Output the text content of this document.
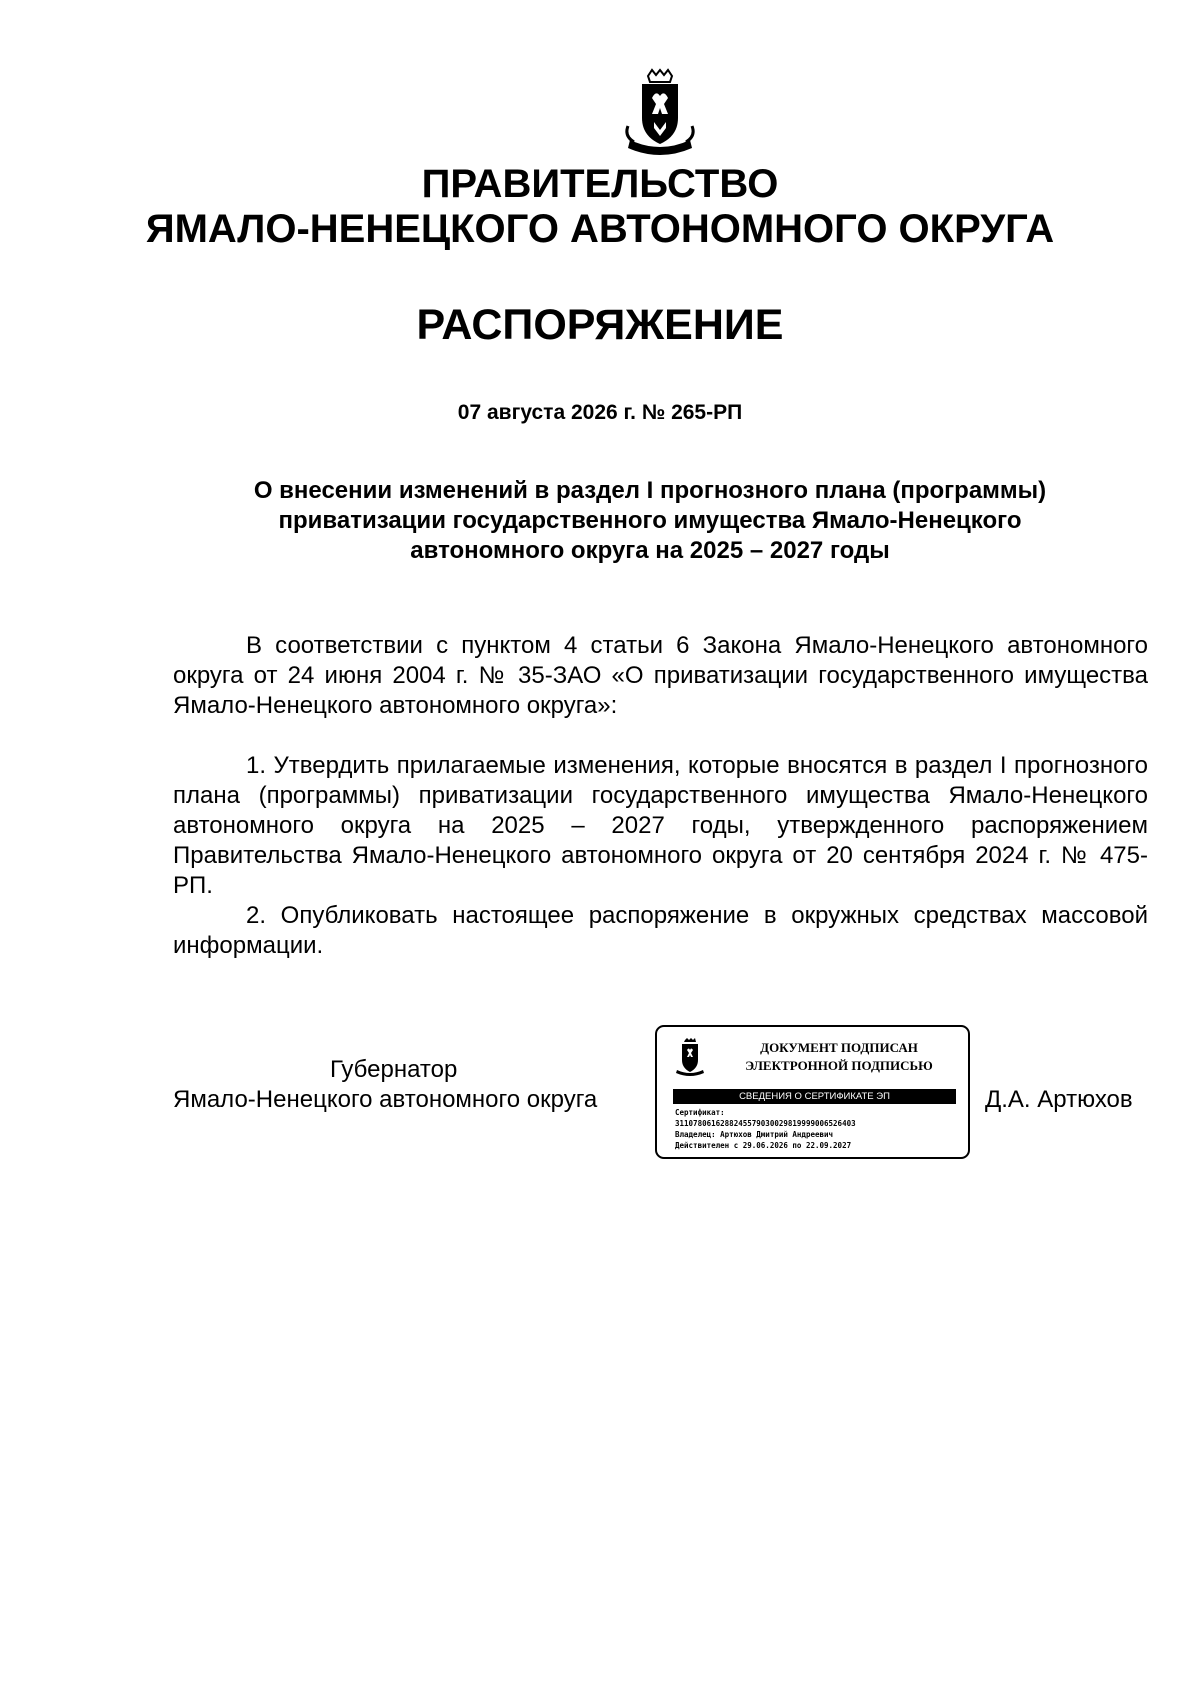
ПРАВИТЕЛЬСТВО
ЯМАЛО-НЕНЕЦКОГО АВТОНОМНОГО ОКРУГА
РАСПОРЯЖЕНИЕ
07 августа 2026 г. № 265-РП
О внесении изменений в раздел I прогнозного плана (программы) приватизации государственного имущества Ямало-Ненецкого автономного округа на 2025 – 2027 годы

В соответствии с пунктом 4 статьи 6 Закона Ямало-Ненецкого автономного округа от 24 июня 2004 г. № 35-ЗАО «О приватизации государственного имущества Ямало-Ненецкого автономного округа»:

1. Утвердить прилагаемые изменения, которые вносятся в раздел I прогнозного плана (программы) приватизации государственного имущества Ямало-Ненецкого автономного округа на 2025 – 2027 годы, утвержденного распоряжением Правительства Ямало-Ненецкого автономного округа от 20 сентября 2024 г. № 475-РП.

2. Опубликовать настоящее распоряжение в окружных средствах массовой информации.

Губернатор
Ямало-Ненецкого автономного округа
ДОКУМЕНТ ПОДПИСАН
ЭЛЕКТРОННОЙ ПОДПИСЬЮ
СВЕДЕНИЯ О СЕРТИФИКАТЕ ЭП
Сертификат:
3110780616288245579030029819999006526403
Владелец: Артюхов Дмитрий Андреевич
Действителен с 29.06.2026 по 22.09.2027
Д.А. Артюхов
